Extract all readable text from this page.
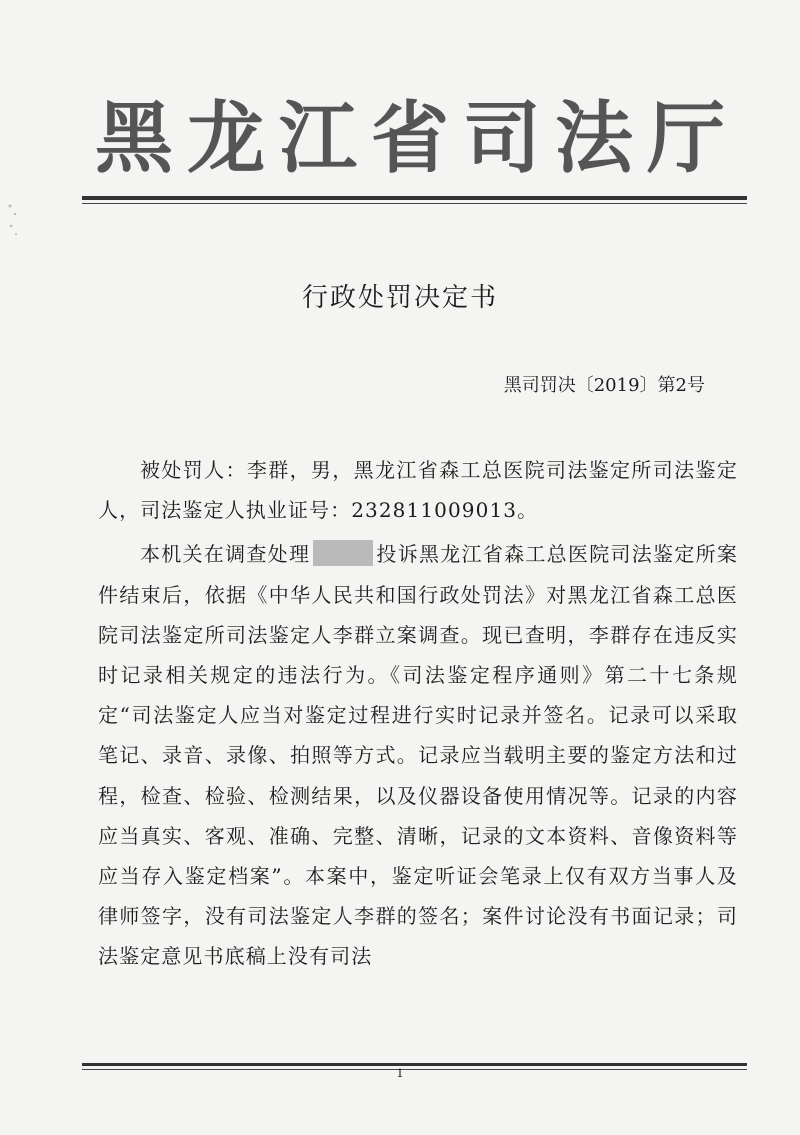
黑龙江省司法厅
行政处罚决定书
黑司罚决〔2019〕第2号

被处罚人：李群，男，黑龙江省森工总医院司法鉴定所司法鉴定人，司法鉴定人执业证号：232811009013。

本机关在调查处理	投诉黑龙江省森工总医院司法鉴定所案件结束后，依据《中华人民共和国行政处罚法》对黑龙江省森工总医院司法鉴定所司法鉴定人李群立案调查。现已查明，李群存在违反实时记录相关规定的违法行为。《司法鉴定程序通则》第二十七条规定“司法鉴定人应当对鉴定过程进行实时记录并签名。记录可以采取笔记、录音、录像、拍照等方式。记录应当载明主要的鉴定方法和过程，检查、检验、检测结果，以及仪器设备使用情况等。记录的内容应当真实、客观、准确、完整、清晰，记录的文本资料、音像资料等应当存入鉴定档案”。本案中，鉴定听证会笔录上仅有双方当事人及律师签字，没有司法鉴定人李群的签名；案件讨论没有书面记录；司法鉴定意见书底稿上没有司法

1
